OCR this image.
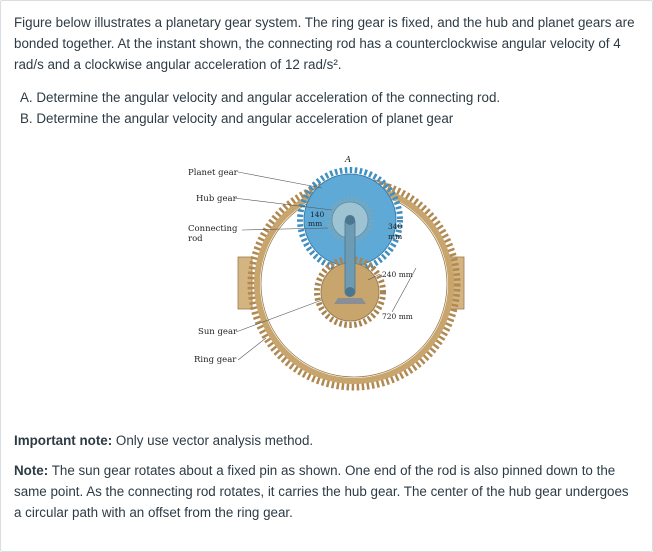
Figure below illustrates a planetary gear system. The ring gear is fixed, and the hub and planet gears are bonded together. At the instant shown, the connecting rod has a counterclockwise angular velocity of 4 rad/s and a clockwise angular acceleration of 12 rad/s².

A. Determine the angular velocity and angular acceleration of the connecting rod.
B. Determine the angular velocity and angular acceleration of planet gear
Planet gear
Hub gear
Connecting
rod
Sun gear
Ring gear
A
140
mm	340
mm
240 mm
720 mm

Important note: Only use vector analysis method.

Note: The sun gear rotates about a fixed pin as shown. One end of the rod is also pinned down to the same point. As the connecting rod rotates, it carries the hub gear. The center of the hub gear undergoes a circular path with an offset from the ring gear.
